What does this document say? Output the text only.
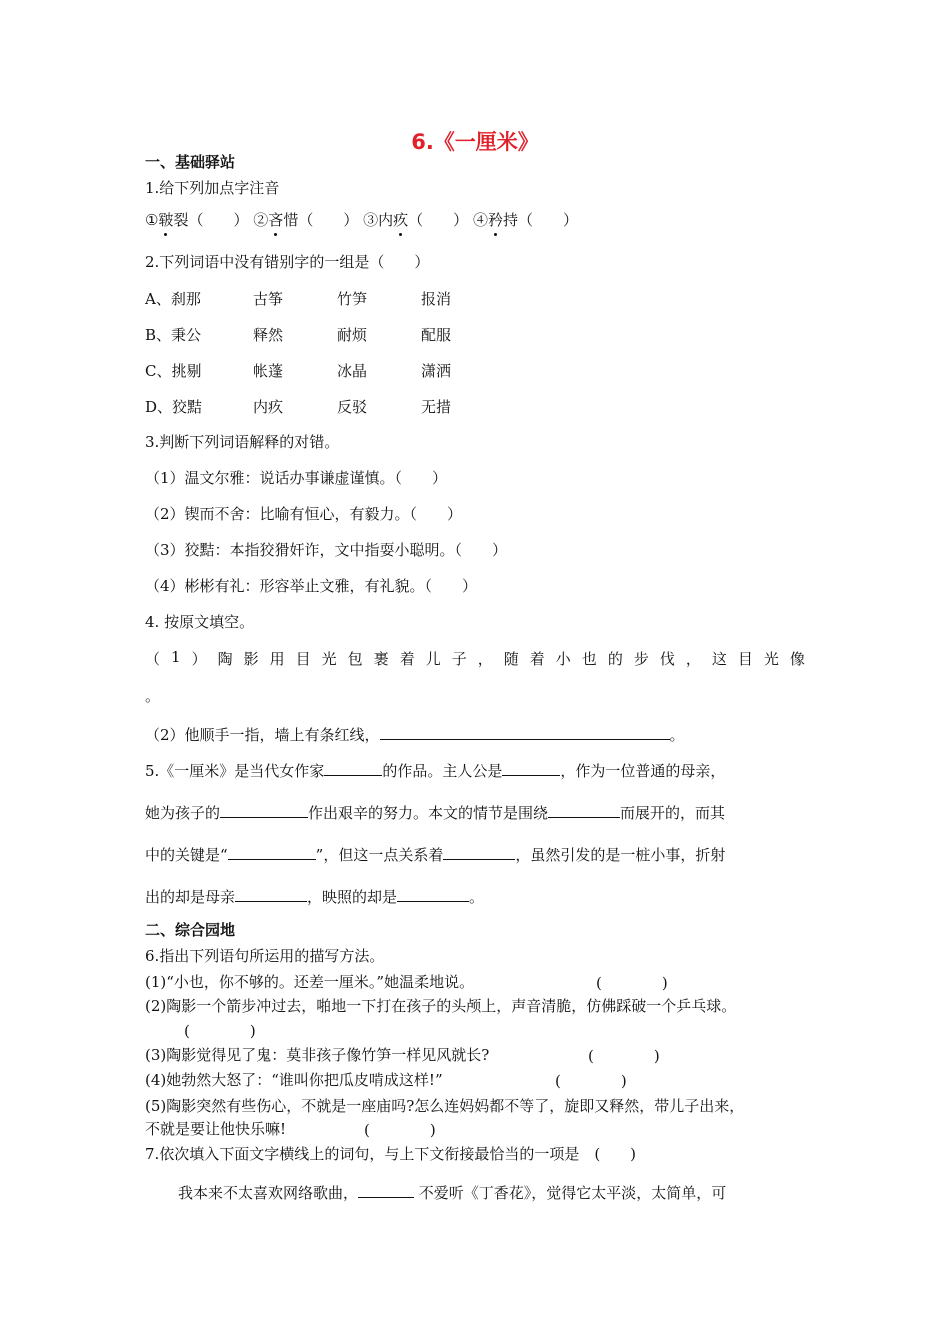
6.《一厘米》
一、基础驿站
1.给下列加点字注音
①皲裂（　　） ②吝惜（　　） ③内疚（　　） ④矜持（　　）
2.下列词语中没有错别字的一组是（　　）
A、刹那	古筝	竹笋	报消
B、秉公	释然	耐烦	配服
C、挑剔	帐蓬	冰晶	潇洒
D、狡黠	内疚	反驳	无措
3.判断下列词语解释的对错。
（1）温文尔雅：说话办事谦虚谨慎。（　　）
（2）锲而不舍：比喻有恒心，有毅力。（　　）
（3）狡黠：本指狡猾奸诈，文中指耍小聪明。（　　）
（4）彬彬有礼：形容举止文雅，有礼貌。（　　）
4. 按原文填空。
（ 1 ） 陶 影 用 目 光 包 裹 着 儿 子 ， 随 着 小 也 的 步 伐 ， 这 目 光 像
。
（2）他顺手一指，墙上有条红线，	。
5.《一厘米》是当代女作家	的作品。主人公是	，作为一位普通的母亲，
她为孩子的	作出艰辛的努力。本文的情节是围绕	而展开的，而其
中的关键是“	”，但这一点关系着	，虽然引发的是一桩小事，折射
出的却是母亲	，映照的却是	。
二、综合园地
6.指出下列语句所运用的描写方法。
(1)“小也，你不够的。还差一厘米。”她温柔地说。	(　　　　)
(2)陶影一个箭步冲过去，啪地一下打在孩子的头颅上，声音清脆，仿佛踩破一个乒乓球。
(　　　　)
(3)陶影觉得见了鬼：莫非孩子像竹笋一样见风就长?	(　　　　)
(4)她勃然大怒了：“谁叫你把瓜皮啃成这样!”	(　　　　)
(5)陶影突然有些伤心，不就是一座庙吗?怎么连妈妈都不等了，旋即又释然，带儿子出来，
不就是要让他快乐嘛!	(　　　　)
7.依次填入下面文字横线上的词句，与上下文衔接最恰当的一项是　(　　)
我本来不太喜欢网络歌曲，	不爱听《丁香花》，觉得它太平淡，太简单，可
